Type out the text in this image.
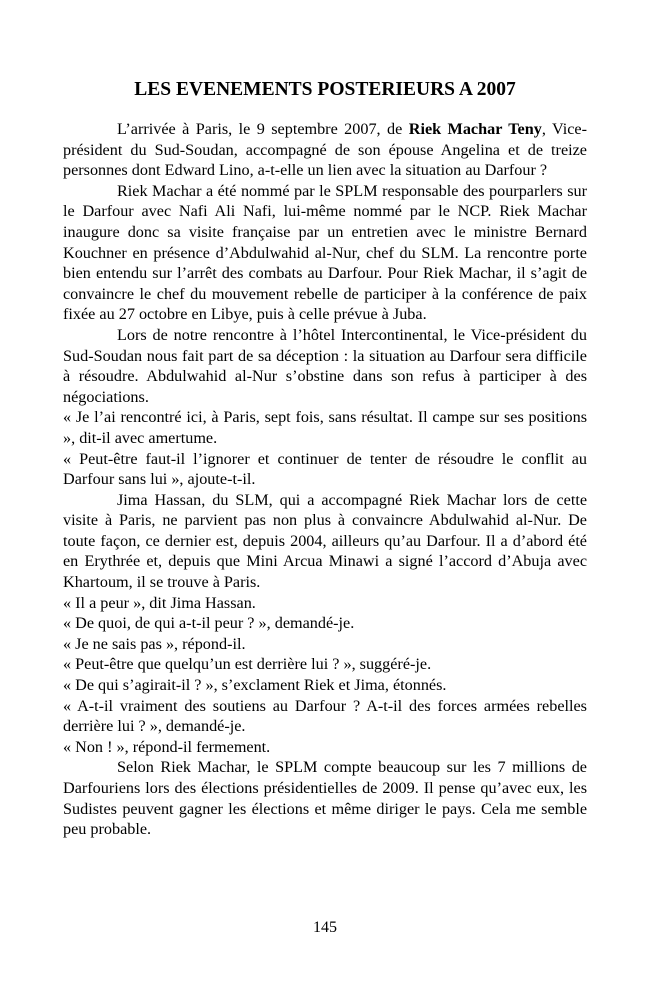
LES EVENEMENTS POSTERIEURS A 2007

L’arrivée à Paris, le 9 septembre 2007, de Riek Machar Teny, Vice-président du Sud-Soudan, accompagné de son épouse Angelina et de treize personnes dont Edward Lino, a-t-elle un lien avec la situation au Darfour ?

Riek Machar a été nommé par le SPLM responsable des pourparlers sur le Darfour avec Nafi Ali Nafi, lui-même nommé par le NCP. Riek Machar inaugure donc sa visite française par un entretien avec le ministre Bernard Kouchner en présence d’Abdulwahid al-Nur, chef du SLM. La rencontre porte bien entendu sur l’arrêt des combats au Darfour. Pour Riek Machar, il s’agit de convaincre le chef du mouvement rebelle de participer à la conférence de paix fixée au 27 octobre en Libye, puis à celle prévue à Juba.

Lors de notre rencontre à l’hôtel Intercontinental, le Vice-président du Sud-Soudan nous fait part de sa déception : la situation au Darfour sera difficile à résoudre. Abdulwahid al-Nur s’obstine dans son refus à participer à des négociations.

« Je l’ai rencontré ici, à Paris, sept fois, sans résultat. Il campe sur ses positions », dit-il avec amertume.

« Peut-être faut-il l’ignorer et continuer de tenter de résoudre le conflit au Darfour sans lui », ajoute-t-il.

Jima Hassan, du SLM, qui a accompagné Riek Machar lors de cette visite à Paris, ne parvient pas non plus à convaincre Abdulwahid al-Nur. De toute façon, ce dernier est, depuis 2004, ailleurs qu’au Darfour. Il a d’abord été en Erythrée et, depuis que Mini Arcua Minawi a signé l’accord d’Abuja avec Khartoum, il se trouve à Paris.

« Il a peur », dit Jima Hassan.

« De quoi, de qui a-t-il peur ? », demandé-je.

« Je ne sais pas », répond-il.

« Peut-être que quelqu’un est derrière lui ? », suggéré-je.

« De qui s’agirait-il ? », s’exclament Riek et Jima, étonnés.

« A-t-il vraiment des soutiens au Darfour ? A-t-il des forces armées rebelles derrière lui ? », demandé-je.

« Non ! », répond-il fermement.

Selon Riek Machar, le SPLM compte beaucoup sur les 7 millions de Darfouriens lors des élections présidentielles de 2009. Il pense qu’avec eux, les Sudistes peuvent gagner les élections et même diriger le pays. Cela me semble peu probable.

145
